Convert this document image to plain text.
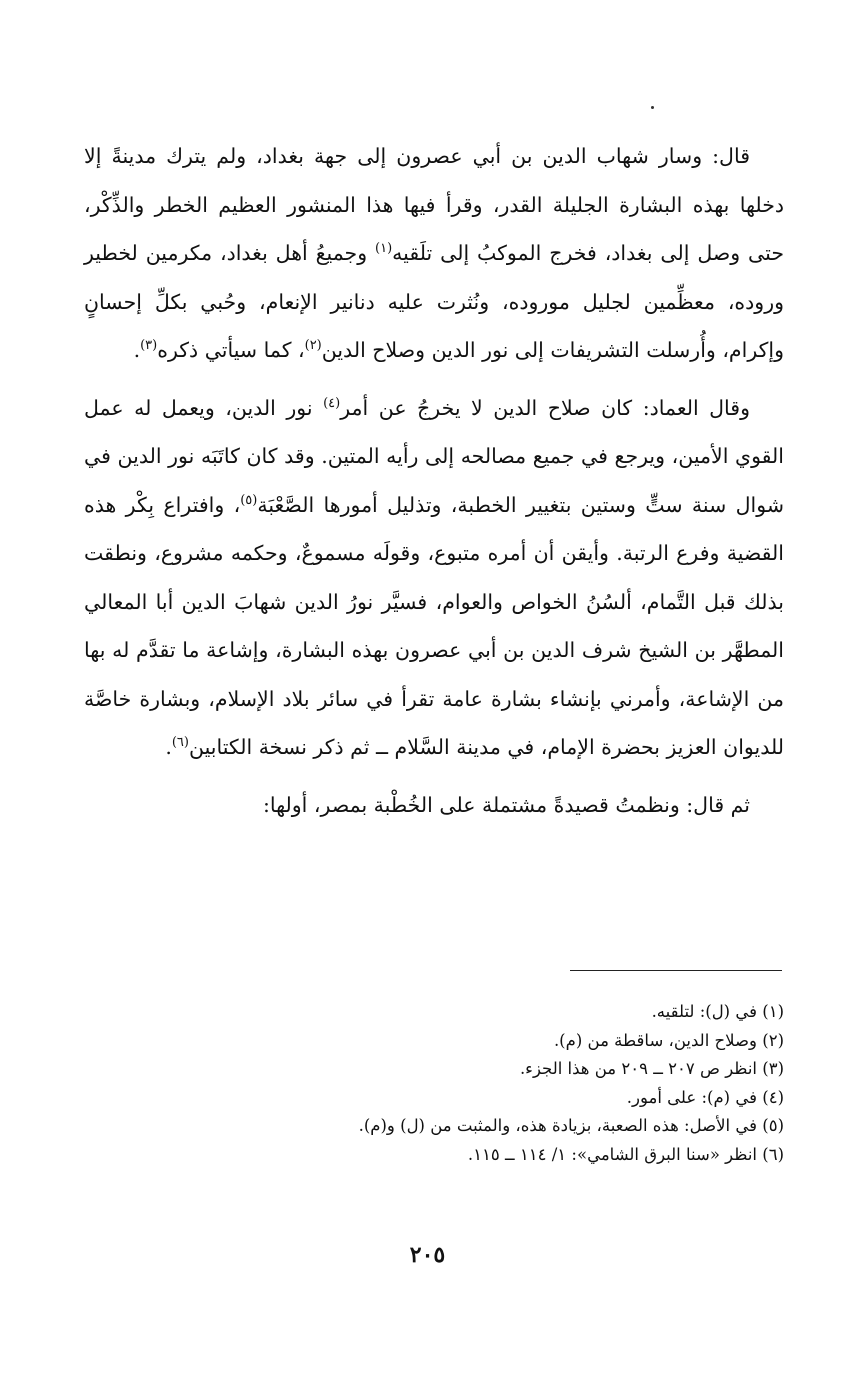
قال: وسار شهاب الدين بن أبي عصرون إلى جهة بغداد، ولم يترك مدينةً إلا دخلها بهذه البشارة الجليلة القدر، وقرأ فيها هذا المنشور العظيم الخطر والذِّكْر، حتى وصل إلى بغداد، فخرج الموكبُ إلى تلَقيه$^{(١)}$ وجميعُ أهل بغداد، مكرمين لخطير وروده، معظِّمين لجليل موروده، ونُثرت عليه دنانير الإنعام، وحُبي بكلِّ إحسانٍ وإكرام، وأُرسلت التشريفات إلى نور الدين وصلاح الدين$^{(٢)}$، كما سيأتي ذكره$^{(٣)}$.

وقال العماد: كان صلاح الدين لا يخرجُ عن أمر$^{(٤)}$ نور الدين، ويعمل له عمل القوي الأمين، ويرجع في جميع مصالحه إلى رأيه المتين. وقد كان كاتَبَه نور الدين في شوال سنة ستٍّ وستين بتغيير الخطبة، وتذليل أمورها الصَّعْبَة$^{(٥)}$، وافتراع بِكْر هذه القضية وفرع الرتبة. وأيقن أن أمره متبوع، وقولَه مسموعٌ، وحكمه مشروع، ونطقت بذلك قبل التَّمام، ألسُنُ الخواص والعوام، فسيَّر نورُ الدين شهابَ الدين أبا المعالي المطهَّر بن الشيخ شرف الدين بن أبي عصرون بهذه البشارة، وإشاعة ما تقدَّم له بها من الإشاعة، وأمرني بإنشاء بشارة عامة تقرأ في سائر بلاد الإسلام، وبشارة خاصَّة للديوان العزيز بحضرة الإمام، في مدينة السَّلام ــ ثم ذكر نسخة الكتابين$^{(٦)}$.

ثم قال: ونظمتُ قصيدةً مشتملة على الخُطْبة بمصر، أولها:

(١) في (ل): لتلقيه.
(٢) وصلاح الدين، ساقطة من (م).
(٣) انظر ص ٢٠٧ ــ ٢٠٩ من هذا الجزء.
(٤) في (م): على أمور.
(٥) في الأصل: هذه الصعبة، بزيادة هذه، والمثبت من (ل) و(م).
(٦) انظر «سنا البرق الشامي»: ١/ ١١٤ ــ ١١٥.
٢٠٥
